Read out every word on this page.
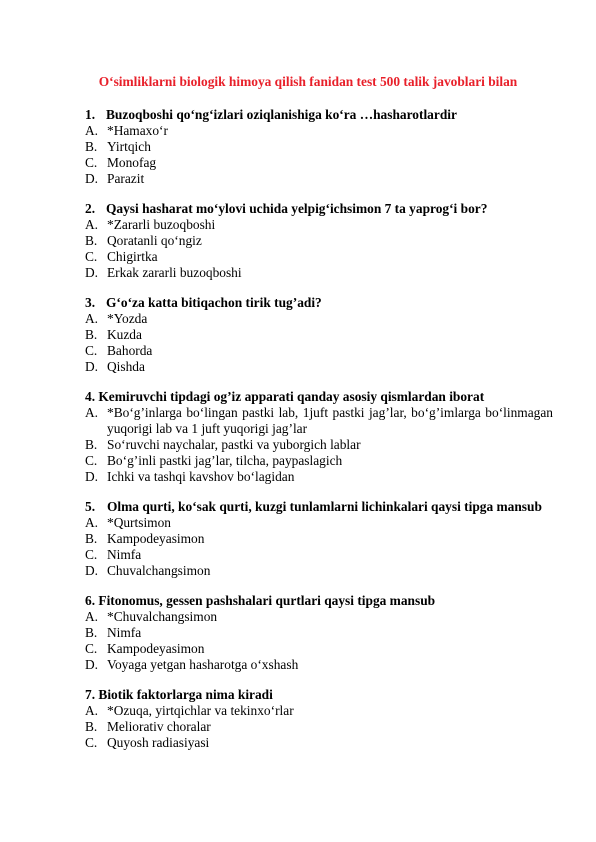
O‘simliklarni biologik himoya qilish fanidan test 500 talik javoblari bilan
1. Buzoqboshi qo‘ng‘izlari oziqlanishiga ko‘ra …hasharotlardir
A. *Hamaxo‘r
B. Yirtqich
C. Monofag
D. Parazit
2. Qaysi hasharat mo‘ylovi uchida yelpig‘ichsimon 7 ta yaprog‘i bor?
A. *Zararli buzoqboshi
B. Qoratanli qo‘ngiz
C. Chigirtka
D. Erkak zararli buzoqboshi
3. G‘o‘za katta bitiqachon tirik tug’adi?
A. *Yozda
B. Kuzda
C. Bahorda
D. Qishda
4. Kemiruvchi tipdagi og’iz apparati qanday asosiy qismlardan iborat
A. *Bo‘g’inlarga bo‘lingan pastki lab, 1juft pastki jag’lar, bo‘g’imlarga bo‘linmagan yuqorigi lab va 1 juft yuqorigi jag’lar
B. So‘ruvchi naychalar, pastki va yuborgich lablar
C. Bo‘g’inli pastki jag’lar, tilcha, paypaslagich
D. Ichki va tashqi kavshov bo‘lagidan
5. Olma qurti, ko‘sak qurti, kuzgi tunlamlarni lichinkalari qaysi tipga mansub
A. *Qurtsimon
B. Kampodeyasimon
C. Nimfa
D. Chuvalchangsimon
6. Fitonomus, gessen pashshalari qurtlari qaysi tipga mansub
A. *Chuvalchangsimon
B. Nimfa
C. Kampodeyasimon
D. Voyaga yetgan hasharotga o‘xshash
7. Biotik faktorlarga nima kiradi
A. *Ozuqa, yirtqichlar va tekinxo‘rlar
B. Meliorativ choralar
C. Quyosh radiasiyasi
